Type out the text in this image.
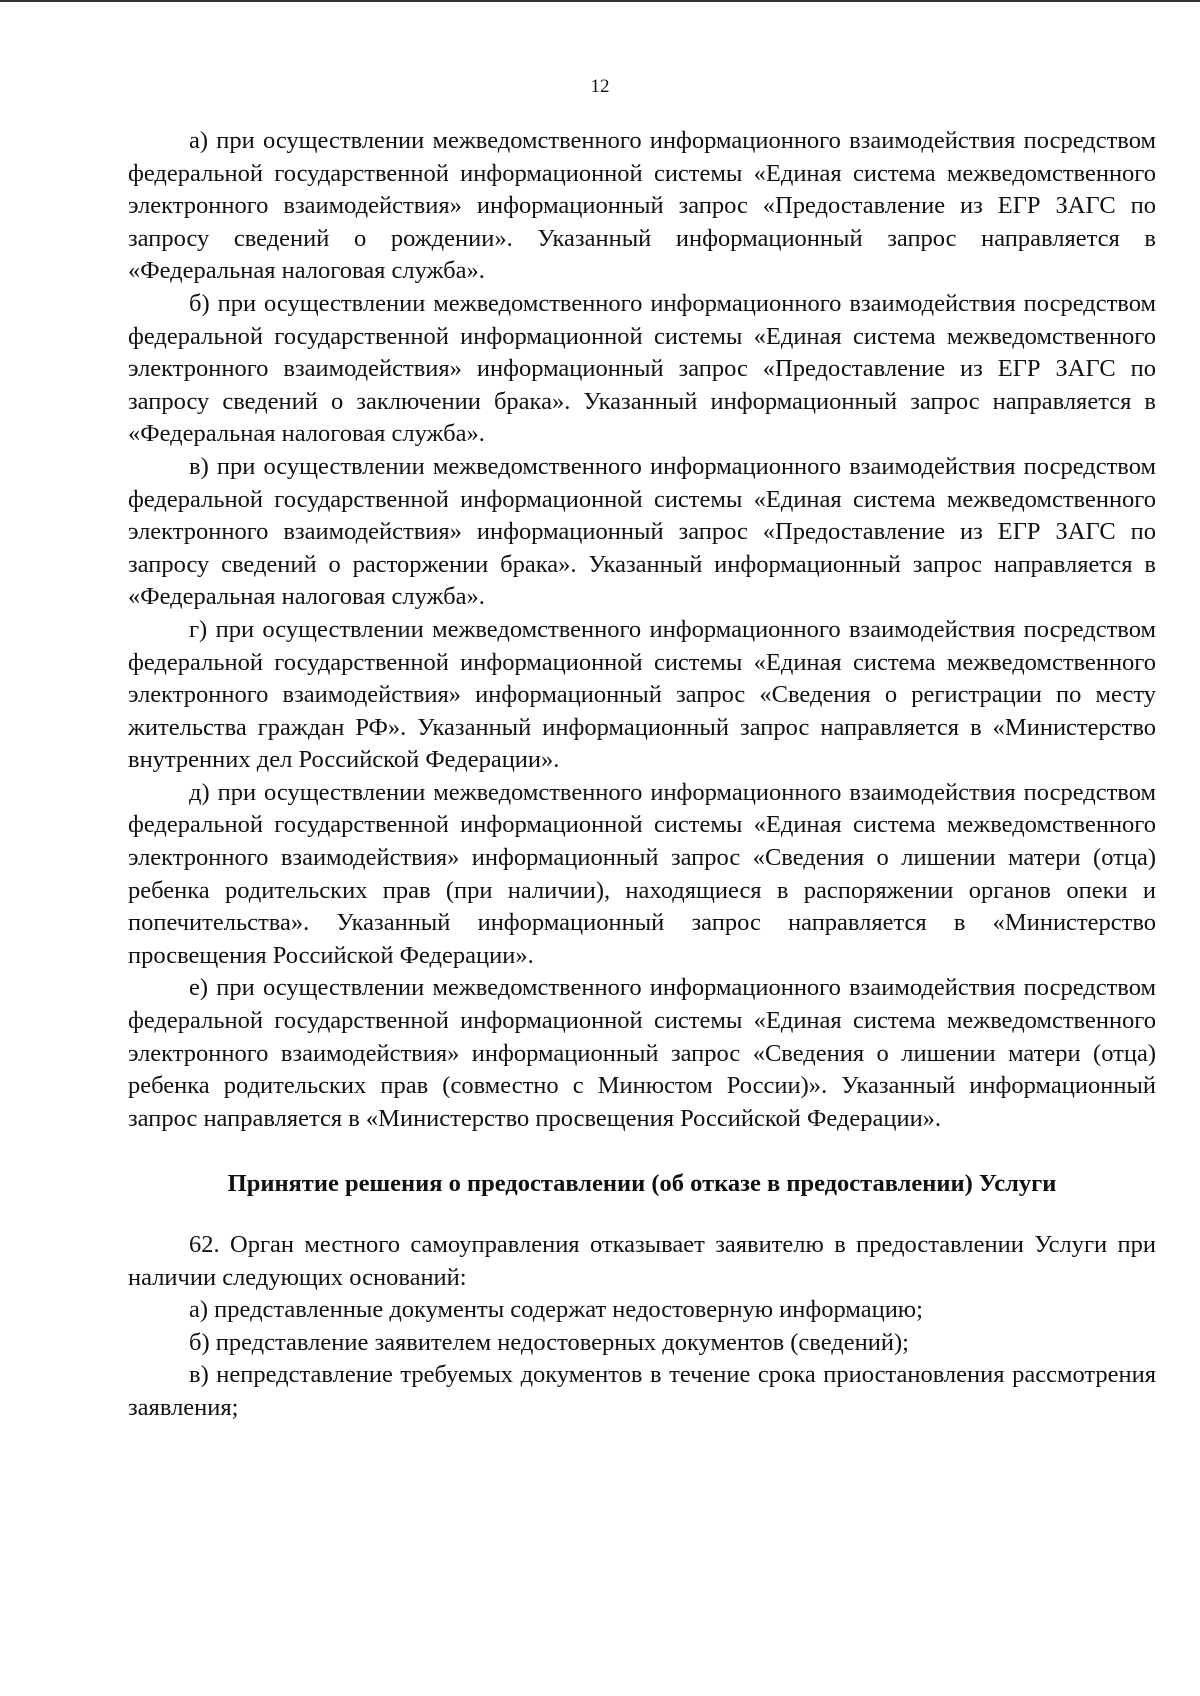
12

а) при осуществлении межведомственного информационного взаимодействия посредством федеральной государственной информационной системы «Единая система межведомственного электронного взаимодействия» информационный запрос «Предоставление из ЕГР ЗАГС по запросу сведений о рождении». Указанный информационный запрос направляется в «Федеральная налоговая служба».

б) при осуществлении межведомственного информационного взаимодействия посредством федеральной государственной информационной системы «Единая система межведомственного электронного взаимодействия» информационный запрос «Предоставление из ЕГР ЗАГС по запросу сведений о заключении брака». Указанный информационный запрос направляется в «Федеральная налоговая служба».

в) при осуществлении межведомственного информационного взаимодействия посредством федеральной государственной информационной системы «Единая система межведомственного электронного взаимодействия» информационный запрос «Предоставление из ЕГР ЗАГС по запросу сведений о расторжении брака». Указанный информационный запрос направляется в «Федеральная налоговая служба».

г) при осуществлении межведомственного информационного взаимодействия посредством федеральной государственной информационной системы «Единая система межведомственного электронного взаимодействия» информационный запрос «Сведения о регистрации по месту жительства граждан РФ». Указанный информационный запрос направляется в «Министерство внутренних дел Российской Федерации».

д) при осуществлении межведомственного информационного взаимодействия посредством федеральной государственной информационной системы «Единая система межведомственного электронного взаимодействия» информационный запрос «Сведения о лишении матери (отца) ребенка родительских прав (при наличии), находящиеся в распоряжении органов опеки и попечительства». Указанный информационный запрос направляется в «Министерство просвещения Российской Федерации».

е) при осуществлении межведомственного информационного взаимодействия посредством федеральной государственной информационной системы «Единая система межведомственного электронного взаимодействия» информационный запрос «Сведения о лишении матери (отца) ребенка родительских прав (совместно с Минюстом России)». Указанный информационный запрос направляется в «Министерство просвещения Российской Федерации».

Принятие решения о предоставлении (об отказе в предоставлении) Услуги

62. Орган местного самоуправления отказывает заявителю в предоставлении Услуги при наличии следующих оснований:

а) представленные документы содержат недостоверную информацию;

б) представление заявителем недостоверных документов (сведений);

в) непредставление требуемых документов в течение срока приостановления рассмотрения заявления;
